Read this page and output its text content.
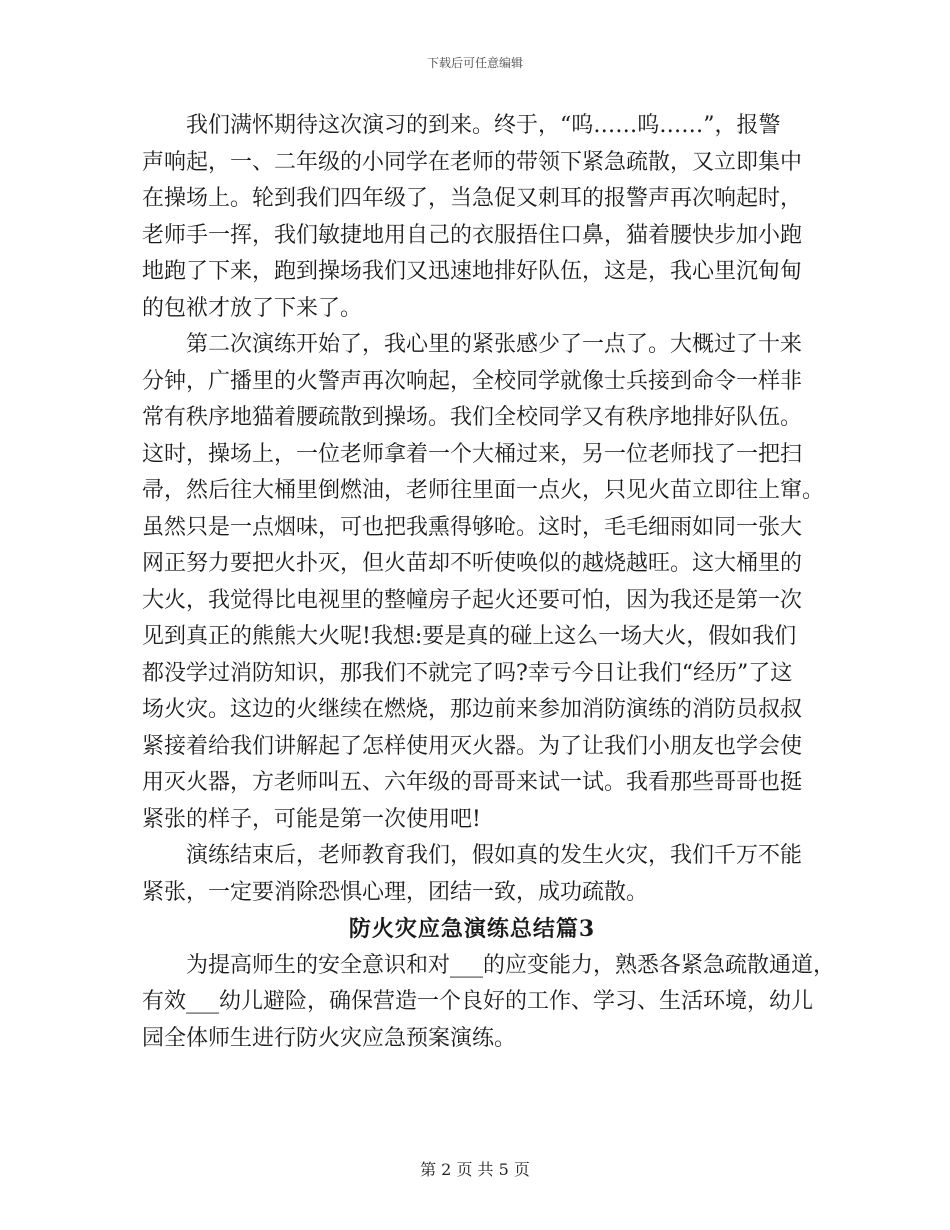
下载后可任意编辑
我们满怀期待这次演习的到来。终于，“呜……呜……”，报警
声响起，一、二年级的小同学在老师的带领下紧急疏散，又立即集中
在操场上。轮到我们四年级了，当急促又刺耳的报警声再次响起时，
老师手一挥，我们敏捷地用自己的衣服捂住口鼻，猫着腰快步加小跑
地跑了下来，跑到操场我们又迅速地排好队伍，这是，我心里沉甸甸
的包袱才放了下来了。
第二次演练开始了，我心里的紧张感少了一点了。大概过了十来
分钟，广播里的火警声再次响起，全校同学就像士兵接到命令一样非
常有秩序地猫着腰疏散到操场。我们全校同学又有秩序地排好队伍。
这时，操场上，一位老师拿着一个大桶过来，另一位老师找了一把扫
帚，然后往大桶里倒燃油，老师往里面一点火，只见火苗立即往上窜。
虽然只是一点烟味，可也把我熏得够呛。这时，毛毛细雨如同一张大
网正努力要把火扑灭，但火苗却不听使唤似的越烧越旺。这大桶里的
大火，我觉得比电视里的整幢房子起火还要可怕，因为我还是第一次
见到真正的熊熊大火呢!我想:要是真的碰上这么一场大火，假如我们
都没学过消防知识，那我们不就完了吗?幸亏今日让我们“经历”了这
场火灾。这边的火继续在燃烧，那边前来参加消防演练的消防员叔叔
紧接着给我们讲解起了怎样使用灭火器。为了让我们小朋友也学会使
用灭火器，方老师叫五、六年级的哥哥来试一试。我看那些哥哥也挺
紧张的样子，可能是第一次使用吧!
演练结束后，老师教育我们，假如真的发生火灾，我们千万不能
紧张，一定要消除恐惧心理，团结一致，成功疏散。
防火灾应急演练总结篇3
为提高师生的安全意识和对___的应变能力，熟悉各紧急疏散通道，
有效___幼儿避险，确保营造一个良好的工作、学习、生活环境，幼儿
园全体师生进行防火灾应急预案演练。
第 2 页 共 5 页
